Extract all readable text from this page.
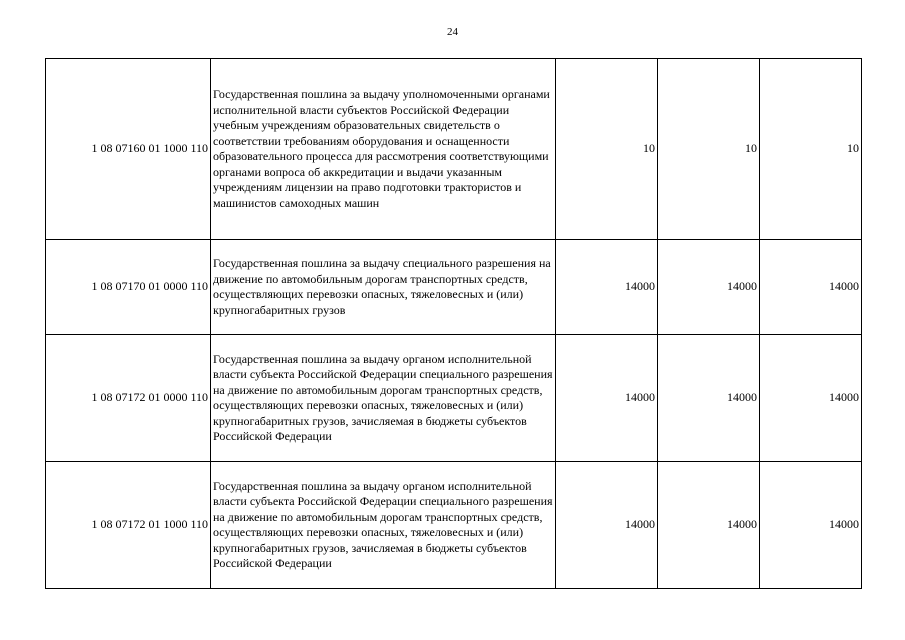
24
1 08 07160 01 1000 110	Государственная пошлина за выдачу уполномоченными органами исполнительной власти субъектов Российской Федерации учебным учреждениям образовательных свидетельств о соответствии требованиям оборудования и оснащенности образовательного процесса для рассмотрения соответствующими органами вопроса об аккредитации и выдачи указанным учреждениям лицензии на право подготовки трактористов и машинистов самоходных машин	10	10	10
1 08 07170 01 0000 110	Государственная пошлина за выдачу специального разрешения на движение по автомобильным дорогам транспортных средств, осуществляющих перевозки опасных, тяжеловесных и (или) крупногабаритных грузов	14000	14000	14000
1 08 07172 01 0000 110	Государственная пошлина за выдачу органом исполнительной власти субъекта Российской Федерации специального разрешения на движение по автомобильным дорогам транспортных средств, осуществляющих перевозки опасных, тяжеловесных и (или) крупногабаритных грузов, зачисляемая в бюджеты субъектов Российской Федерации	14000	14000	14000
1 08 07172 01 1000 110	Государственная пошлина за выдачу органом исполнительной власти субъекта Российской Федерации специального разрешения на движение по автомобильным дорогам транспортных средств, осуществляющих перевозки опасных, тяжеловесных и (или) крупногабаритных грузов, зачисляемая в бюджеты субъектов Российской Федерации	14000	14000	14000
